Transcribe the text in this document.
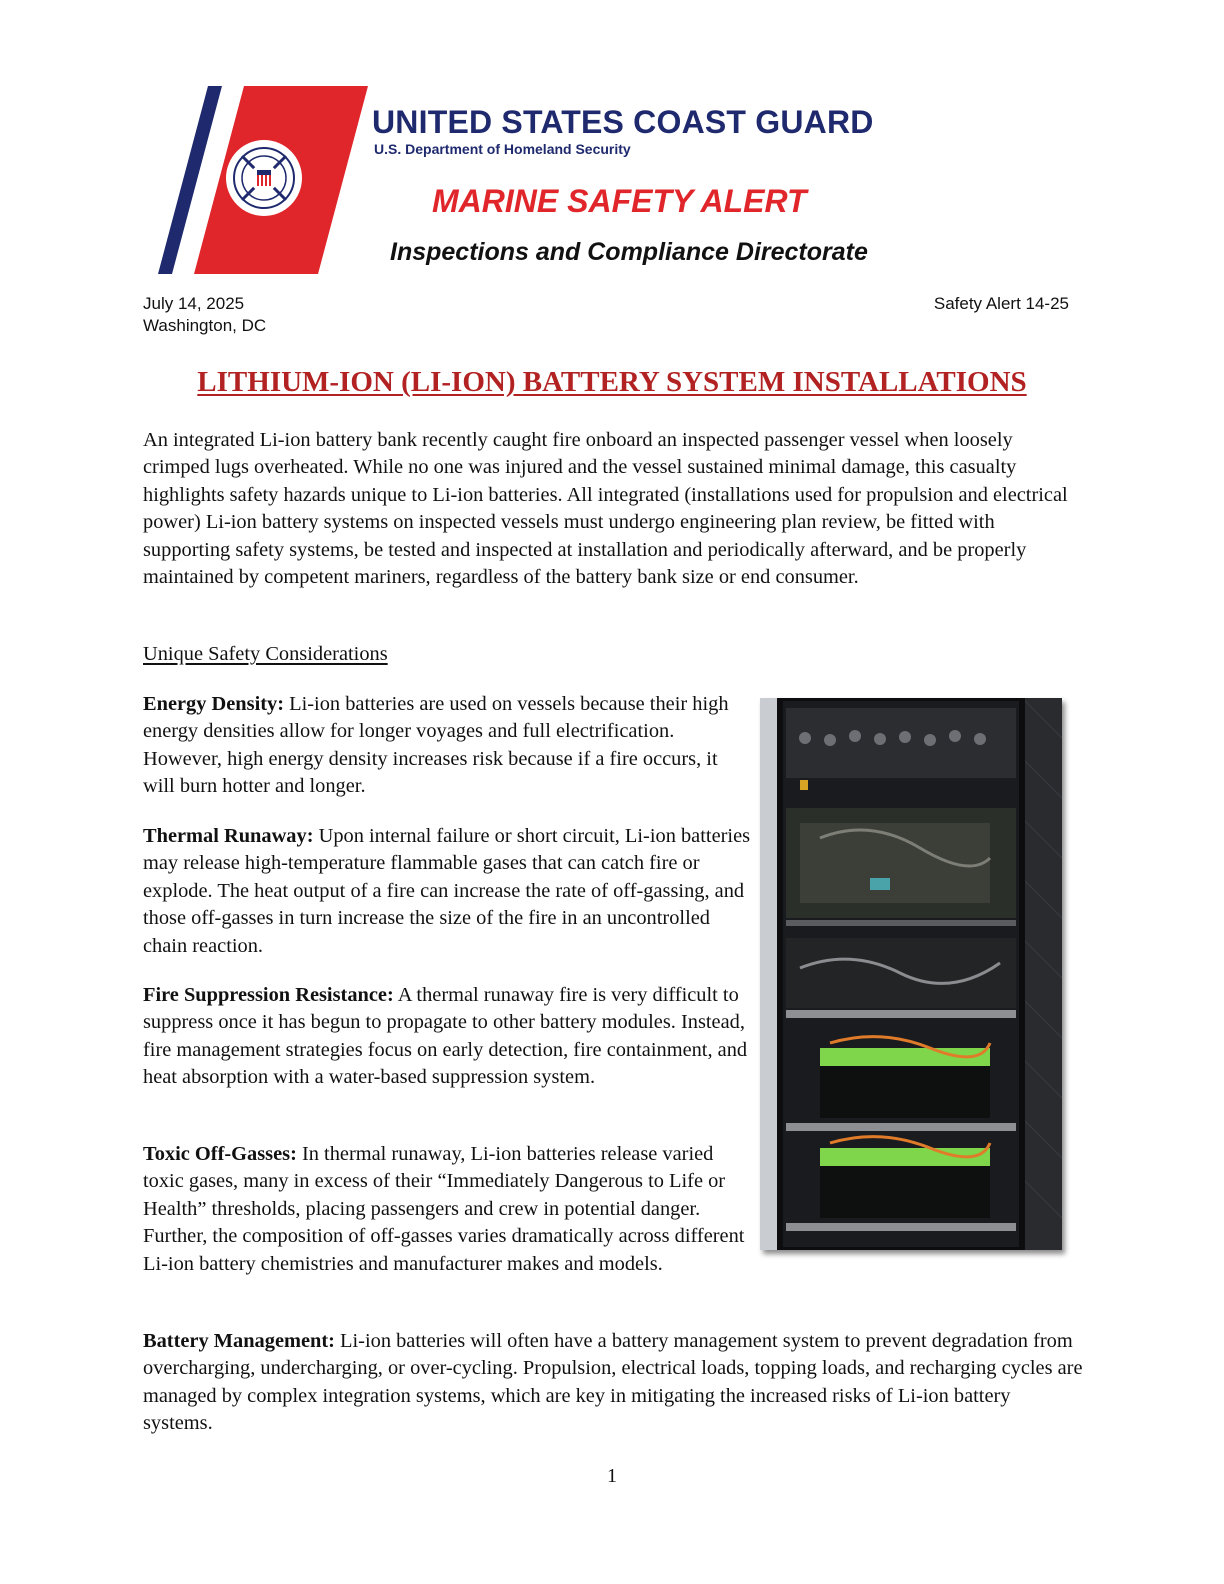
UNITED STATES COAST GUARD
U.S. Department of Homeland Security
MARINE SAFETY ALERT
Inspections and Compliance Directorate
July 14, 2025
Washington, DC
Safety Alert 14-25
LITHIUM-ION (LI-ION) BATTERY SYSTEM INSTALLATIONS

An integrated Li-ion battery bank recently caught fire onboard an inspected passenger vessel when loosely crimped lugs overheated. While no one was injured and the vessel sustained minimal damage, this casualty highlights safety hazards unique to Li-ion batteries. All integrated (installations used for propulsion and electrical power) Li-ion battery systems on inspected vessels must undergo engineering plan review, be fitted with supporting safety systems, be tested and inspected at installation and periodically afterward, and be properly maintained by competent mariners, regardless of the battery bank size or end consumer.

Unique Safety Considerations

Energy Density: Li-ion batteries are used on vessels because their high energy densities allow for longer voyages and full electrification. However, high energy density increases risk because if a fire occurs, it will burn hotter and longer.

Thermal Runaway: Upon internal failure or short circuit, Li-ion batteries may release high-temperature flammable gases that can catch fire or explode. The heat output of a fire can increase the rate of off-gassing, and those off-gasses in turn increase the size of the fire in an uncontrolled chain reaction.

Fire Suppression Resistance: A thermal runaway fire is very difficult to suppress once it has begun to propagate to other battery modules. Instead, fire management strategies focus on early detection, fire containment, and heat absorption with a water-based suppression system.

Toxic Off-Gasses: In thermal runaway, Li-ion batteries release varied toxic gases, many in excess of their “Immediately Dangerous to Life or Health” thresholds, placing passengers and crew in potential danger. Further, the composition of off-gasses varies dramatically across different Li-ion battery chemistries and manufacturer makes and models.

Battery Management: Li-ion batteries will often have a battery management system to prevent degradation from overcharging, undercharging, or over-cycling. Propulsion, electrical loads, topping loads, and recharging cycles are managed by complex integration systems, which are key in mitigating the increased risks of Li-ion battery systems.

1
